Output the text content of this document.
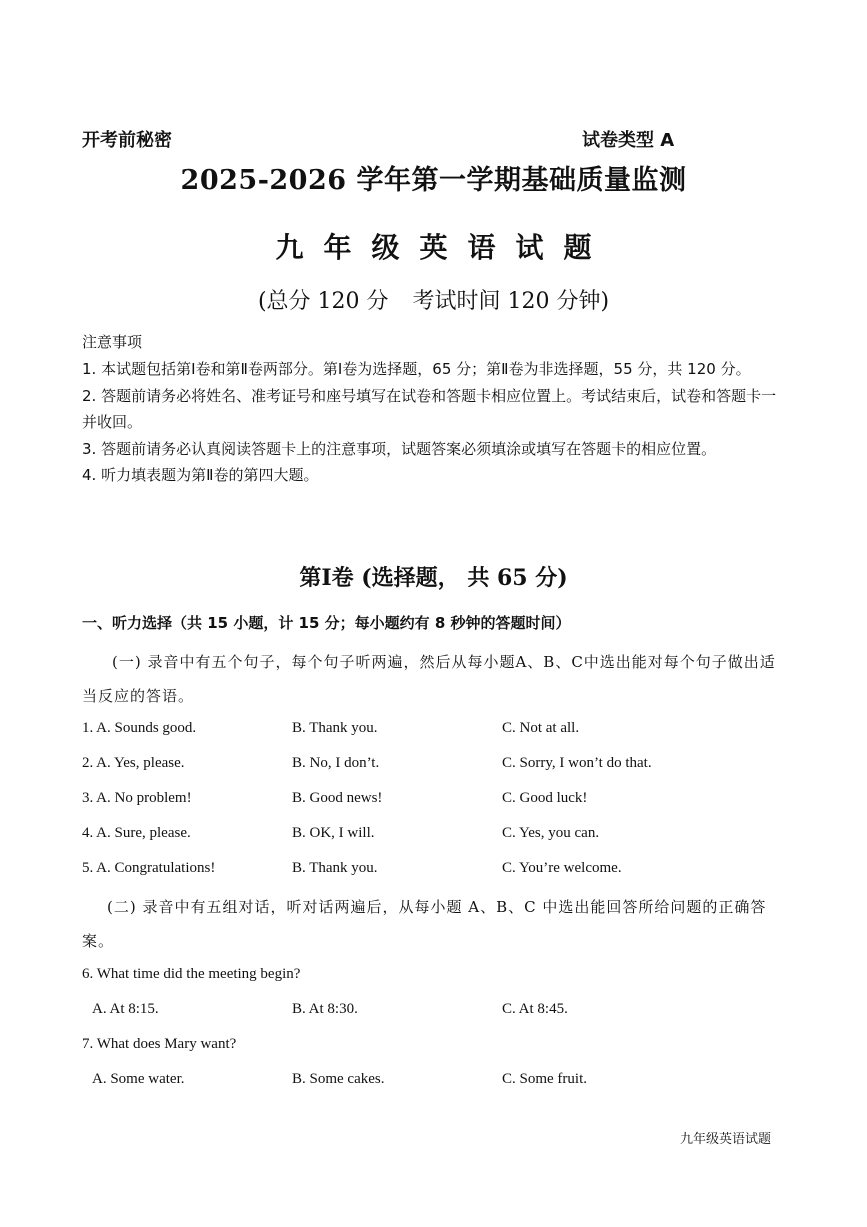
开考前秘密	试卷类型 A
2025-2026 学年第一学期基础质量监测
九年级英语试题
(总分 120 分 考试时间 120 分钟)
注意事项

1. 本试题包括第Ⅰ卷和第Ⅱ卷两部分。第Ⅰ卷为选择题，65 分；第Ⅱ卷为非选择题，55 分，共 120 分。

2. 答题前请务必将姓名、准考证号和座号填写在试卷和答题卡相应位置上。考试结束后，试卷和答题卡一并收回。

3. 答题前请务必认真阅读答题卡上的注意事项，试题答案必须填涂或填写在答题卡的相应位置。

4. 听力填表题为第Ⅱ卷的第四大题。

第Ⅰ卷 (选择题， 共 65 分)
一、听力选择（共 15 小题，计 15 分；每小题约有 8 秒钟的答题时间）
(一) 录音中有五个句子，每个句子听两遍，然后从每小题A、B、C中选出能对每个句子做出适当反应的答语。
1. A. Sounds good.	B. Thank you.	C. Not at all.
2. A. Yes, please.	B. No, I don’t.	C. Sorry, I won’t do that.
3. A. No problem!	B. Good news!	C. Good luck!
4. A. Sure, please.	B. OK, I will.	C. Yes, you can.
5. A. Congratulations!	B. Thank you.	C. You’re welcome.
(二) 录音中有五组对话，听对话两遍后，从每小题 A、B、C 中选出能回答所给问题的正确答案。
6. What time did the meeting begin?
A. At 8:15.	B. At 8:30.	C. At 8:45.
7. What does Mary want?
A. Some water.	B. Some cakes.	C. Some fruit.
九年级英语试题
